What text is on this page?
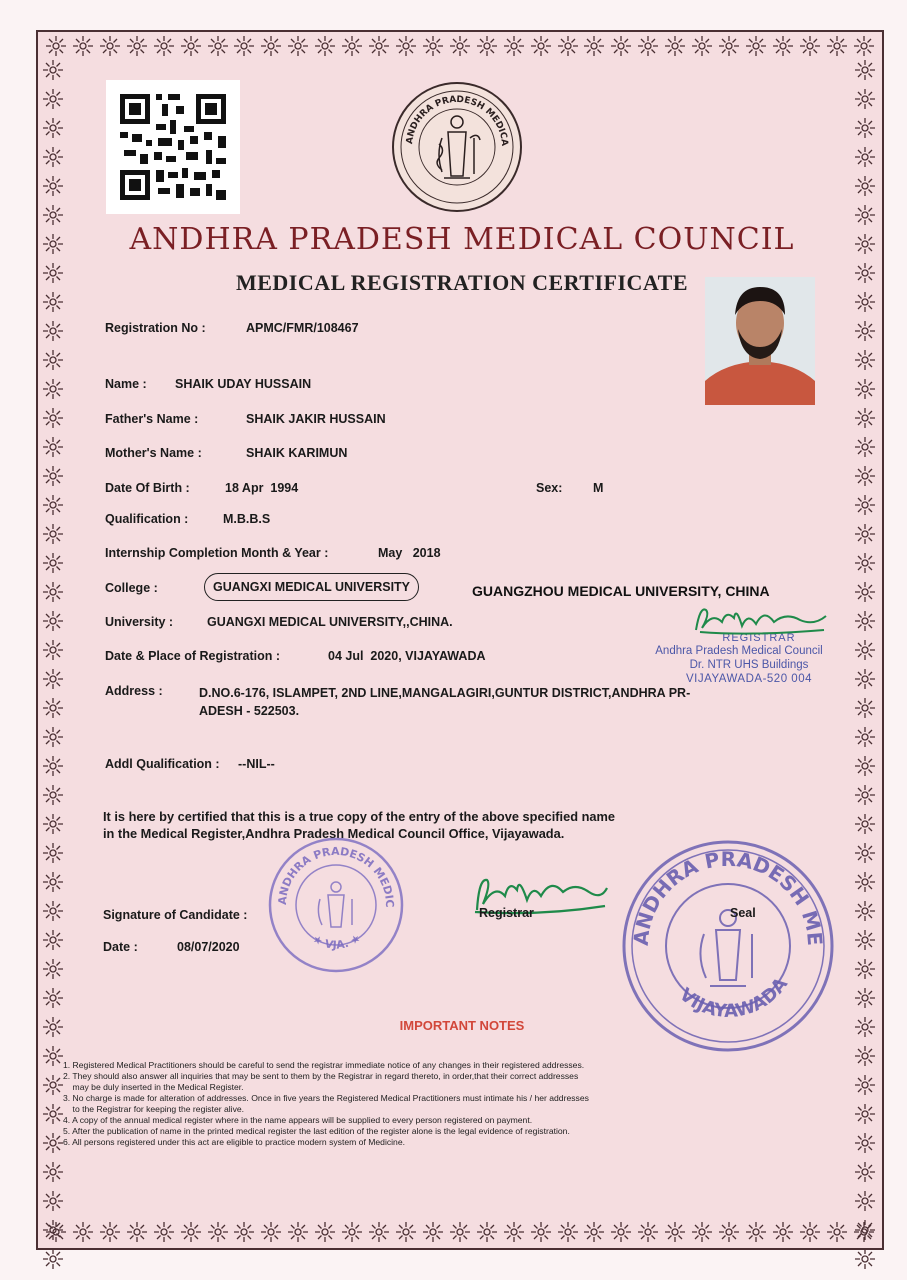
ANDHRA PRADESH MEDICA
ANDHRA PRADESH MEDICAL COUNCIL
MEDICAL REGISTRATION CERTIFICATE
Registration No :	APMC/FMR/108467
Name : SHAIK UDAY HUSSAIN
Father's Name :	SHAIK JAKIR HUSSAIN
Mother's Name :	SHAIK KARIMUN
Date Of Birth :	18 Apr  1994	Sex: M
Qualification :	M.B.B.S
Internship Completion Month & Year :	May   2018
College :	GUANGXI MEDICAL UNIVERSITY	GUANGZHOU MEDICAL UNIVERSITY, CHINA
University :	GUANGXI MEDICAL UNIVERSITY,,CHINA.
Date & Place of Registration :	04 Jul  2020, VIJAYAWADA
REGISTRAR
Andhra Pradesh Medical Council
Dr. NTR UHS Buildings
VIJAYAWADA-520 004
Address :	D.NO.6-176, ISLAMPET, 2ND LINE,MANGALAGIRI,GUNTUR DISTRICT,ANDHRA PR-
ADESH - 522503.
Addl Qualification : --NIL--
It is here by certified that this is a true copy of the entry of the above specified name
in the Medical Register,Andhra Pradesh Medical Council Office, Vijayawada.
ANDHRA PRADESH MEDIC
★ VJA. ★	ANDHRA PRADESH ME
VIJAYAWADA
Signature of Candidate :	Registrar	Seal
Date :	08/07/2020
IMPORTANT NOTES
1. Registered Medical Practitioners should be careful to send the registrar immediate notice of any changes in their registered addresses.
2. They should also answer all inquiries that may be sent to them by the Registrar in regard thereto, in order,that their correct addresses
may be duly inserted in the Medical Register.
3. No charge is made for alteration of addresses. Once in five years the Registered Medical Practitioners must intimate his / her addresses
to the Registrar for keeping the register alive.
4. A copy of the annual medical register where in the name appears will be supplied to every person registered on payment.
5. After the publication of name in the printed medical register the last edition of the register alone is the legal evidence of registration.
6. All persons registered under this act are eligible to practice modern system of Medicine.
